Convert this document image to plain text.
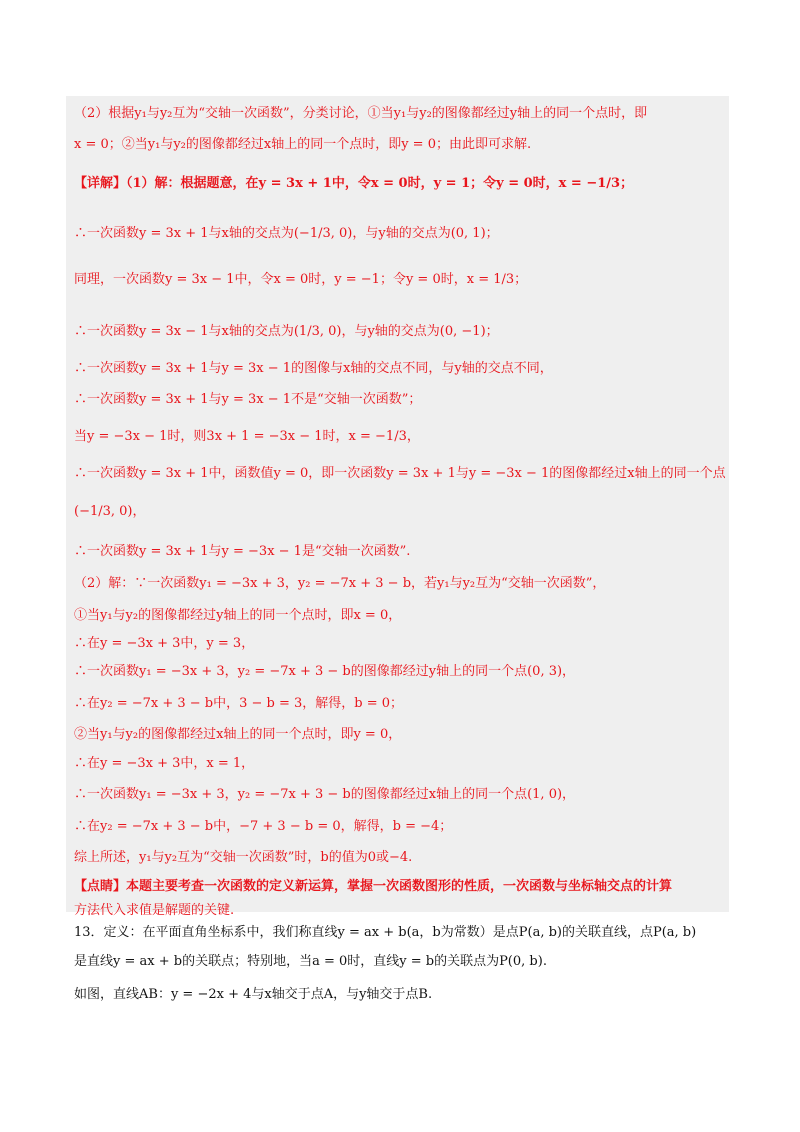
（2）根据y₁与y₂互为“交轴一次函数”，分类讨论，①当y₁与y₂的图像都经过y轴上的同一个点时，即
x = 0；②当y₁与y₂的图像都经过x轴上的同一个点时，即y = 0；由此即可求解.
【详解】（1）解：根据题意，在y = 3x + 1中，令x = 0时，y = 1；令y = 0时，x = −1/3；
∴一次函数y = 3x + 1与x轴的交点为(−1/3, 0)，与y轴的交点为(0, 1)；
同理，一次函数y = 3x − 1中，令x = 0时，y = −1；令y = 0时，x = 1/3；
∴一次函数y = 3x − 1与x轴的交点为(1/3, 0)，与y轴的交点为(0, −1)；
∴一次函数y = 3x + 1与y = 3x − 1的图像与x轴的交点不同，与y轴的交点不同，
∴一次函数y = 3x + 1与y = 3x − 1不是“交轴一次函数”；
当y = −3x − 1时，则3x + 1 = −3x − 1时，x = −1/3，
∴一次函数y = 3x + 1中，函数值y = 0，即一次函数y = 3x + 1与y = −3x − 1的图像都经过x轴上的同一个点
(−1/3, 0)，
∴一次函数y = 3x + 1与y = −3x − 1是“交轴一次函数”.
（2）解：∵一次函数y₁ = −3x + 3，y₂ = −7x + 3 − b，若y₁与y₂互为“交轴一次函数”，
①当y₁与y₂的图像都经过y轴上的同一个点时，即x = 0，
∴在y = −3x + 3中，y = 3，
∴一次函数y₁ = −3x + 3，y₂ = −7x + 3 − b的图像都经过y轴上的同一个点(0, 3)，
∴在y₂ = −7x + 3 − b中，3 − b = 3，解得，b = 0；
②当y₁与y₂的图像都经过x轴上的同一个点时，即y = 0，
∴在y = −3x + 3中，x = 1，
∴一次函数y₁ = −3x + 3，y₂ = −7x + 3 − b的图像都经过x轴上的同一个点(1, 0)，
∴在y₂ = −7x + 3 − b中，−7 + 3 − b = 0，解得，b = −4；
综上所述，y₁与y₂互为“交轴一次函数”时，b的值为0或−4.
【点睛】本题主要考查一次函数的定义新运算，掌握一次函数图形的性质，一次函数与坐标轴交点的计算
方法代入求值是解题的关键.
13．定义：在平面直角坐标系中，我们称直线y = ax + b(a，b为常数）是点P(a, b)的关联直线，点P(a, b)
是直线y = ax + b的关联点；特别地，当a = 0时，直线y = b的关联点为P(0, b).
如图，直线AB：y = −2x + 4与x轴交于点A，与y轴交于点B.
